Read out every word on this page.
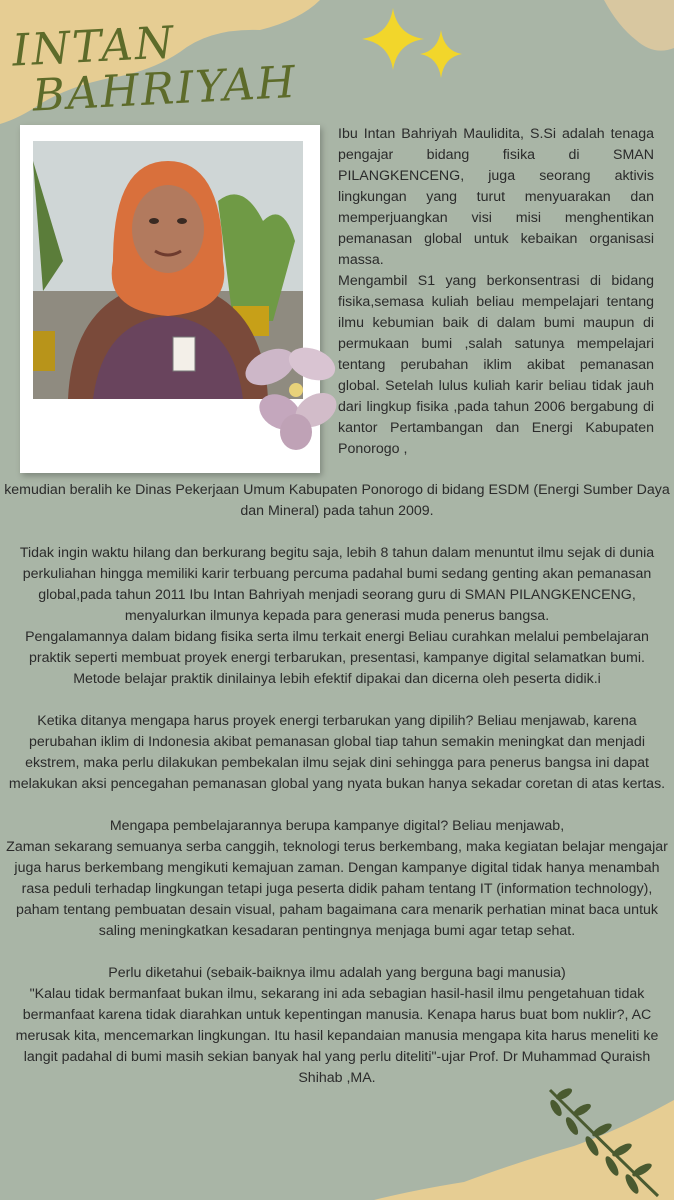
INTAN
BAHRIYAH

Ibu Intan Bahriyah Maulidita, S.Si adalah tenaga pengajar bidang fisika di SMAN PILANGKENCENG, juga seorang aktivis lingkungan yang turut menyuarakan dan memperjuangkan visi misi menghentikan pemanasan global untuk kebaikan organisasi massa.

Mengambil S1 yang berkonsentrasi di bidang fisika,semasa kuliah beliau mempelajari tentang ilmu kebumian baik di dalam bumi maupun di permukaan bumi ,salah satunya mempelajari tentang perubahan iklim akibat pemanasan global. Setelah lulus kuliah karir beliau tidak jauh dari lingkup fisika ,pada tahun 2006 bergabung di kantor Pertambangan dan Energi Kabupaten Ponorogo ,

kemudian beralih ke Dinas Pekerjaan Umum Kabupaten Ponorogo di bidang ESDM (Energi Sumber Daya dan Mineral) pada tahun 2009.

Tidak ingin waktu hilang dan berkurang begitu saja, lebih 8 tahun dalam menuntut ilmu sejak di dunia perkuliahan hingga memiliki karir terbuang percuma padahal bumi sedang genting akan pemanasan global,pada tahun 2011 Ibu Intan Bahriyah menjadi seorang guru di SMAN PILANGKENCENG, menyalurkan ilmunya kepada para generasi muda penerus bangsa.

Pengalamannya dalam bidang fisika serta ilmu terkait energi Beliau curahkan melalui pembelajaran praktik seperti membuat proyek energi terbarukan, presentasi, kampanye digital selamatkan bumi. Metode belajar praktik dinilainya lebih efektif dipakai dan dicerna oleh peserta didik.i

Ketika ditanya mengapa harus proyek energi terbarukan yang dipilih? Beliau menjawab, karena perubahan iklim di Indonesia akibat pemanasan global tiap tahun semakin meningkat dan menjadi ekstrem, maka perlu dilakukan pembekalan ilmu sejak dini sehingga para penerus bangsa ini dapat melakukan aksi pencegahan pemanasan global yang nyata bukan hanya sekadar coretan di atas kertas.

Mengapa pembelajarannya berupa kampanye digital? Beliau menjawab,

Zaman sekarang semuanya serba canggih, teknologi terus berkembang, maka kegiatan belajar mengajar juga harus berkembang mengikuti kemajuan zaman. Dengan kampanye digital tidak hanya menambah rasa peduli terhadap lingkungan tetapi juga peserta didik paham tentang IT (information technology), paham tentang pembuatan desain visual, paham bagaimana cara menarik perhatian minat baca untuk saling meningkatkan kesadaran pentingnya menjaga bumi agar tetap sehat.

Perlu diketahui (sebaik-baiknya ilmu adalah yang berguna bagi manusia)

"Kalau tidak bermanfaat bukan ilmu, sekarang ini ada sebagian hasil-hasil ilmu pengetahuan tidak bermanfaat karena tidak diarahkan untuk kepentingan manusia. Kenapa harus buat bom nuklir?, AC merusak kita, mencemarkan lingkungan. Itu hasil kepandaian manusia mengapa kita harus meneliti ke langit padahal di bumi masih sekian banyak hal yang perlu diteliti"-ujar Prof. Dr Muhammad Quraish Shihab ,MA.
